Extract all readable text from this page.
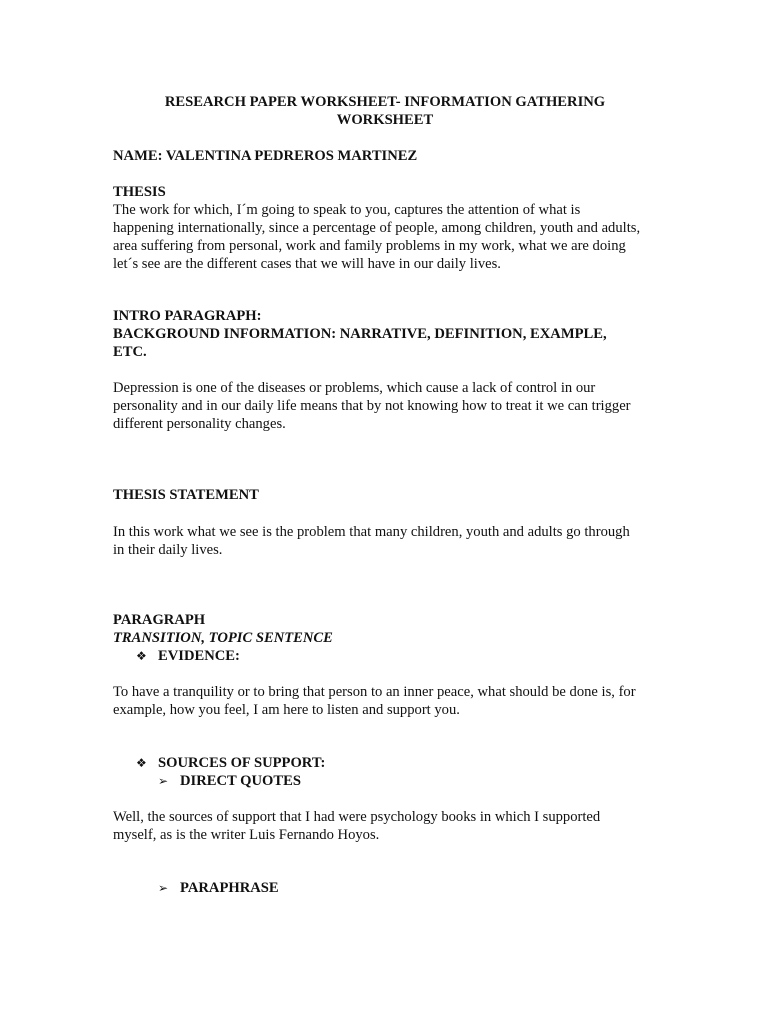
RESEARCH PAPER WORKSHEET- INFORMATION GATHERING
WORKSHEET

NAME: VALENTINA PEDREROS MARTINEZ

THESIS

The work for which, I´m going to speak to you, captures the attention of what is happening internationally, since a percentage of people, among children, youth and adults, area suffering from personal, work and family problems in my work, what we are doing let´s see are the different cases that we will have in our daily lives.

INTRO PARAGRAPH:

BACKGROUND INFORMATION: NARRATIVE, DEFINITION, EXAMPLE, ETC.

Depression is one of the diseases or problems, which cause a lack of control in our personality and in our daily life means that by not knowing how to treat it we can trigger different personality changes.

THESIS STATEMENT

In this work what we see is the problem that many children, youth and adults go through in their daily lives.

PARAGRAPH

TRANSITION, TOPIC SENTENCE

❖ EVIDENCE:

To have a tranquility or to bring that person to an inner peace, what should be done is, for example, how you feel, I am here to listen and support you.

❖ SOURCES OF SUPPORT:

➢ DIRECT QUOTES

Well, the sources of support that I had were psychology books in which I supported myself, as is the writer Luis Fernando Hoyos.

➢ PARAPHRASE
